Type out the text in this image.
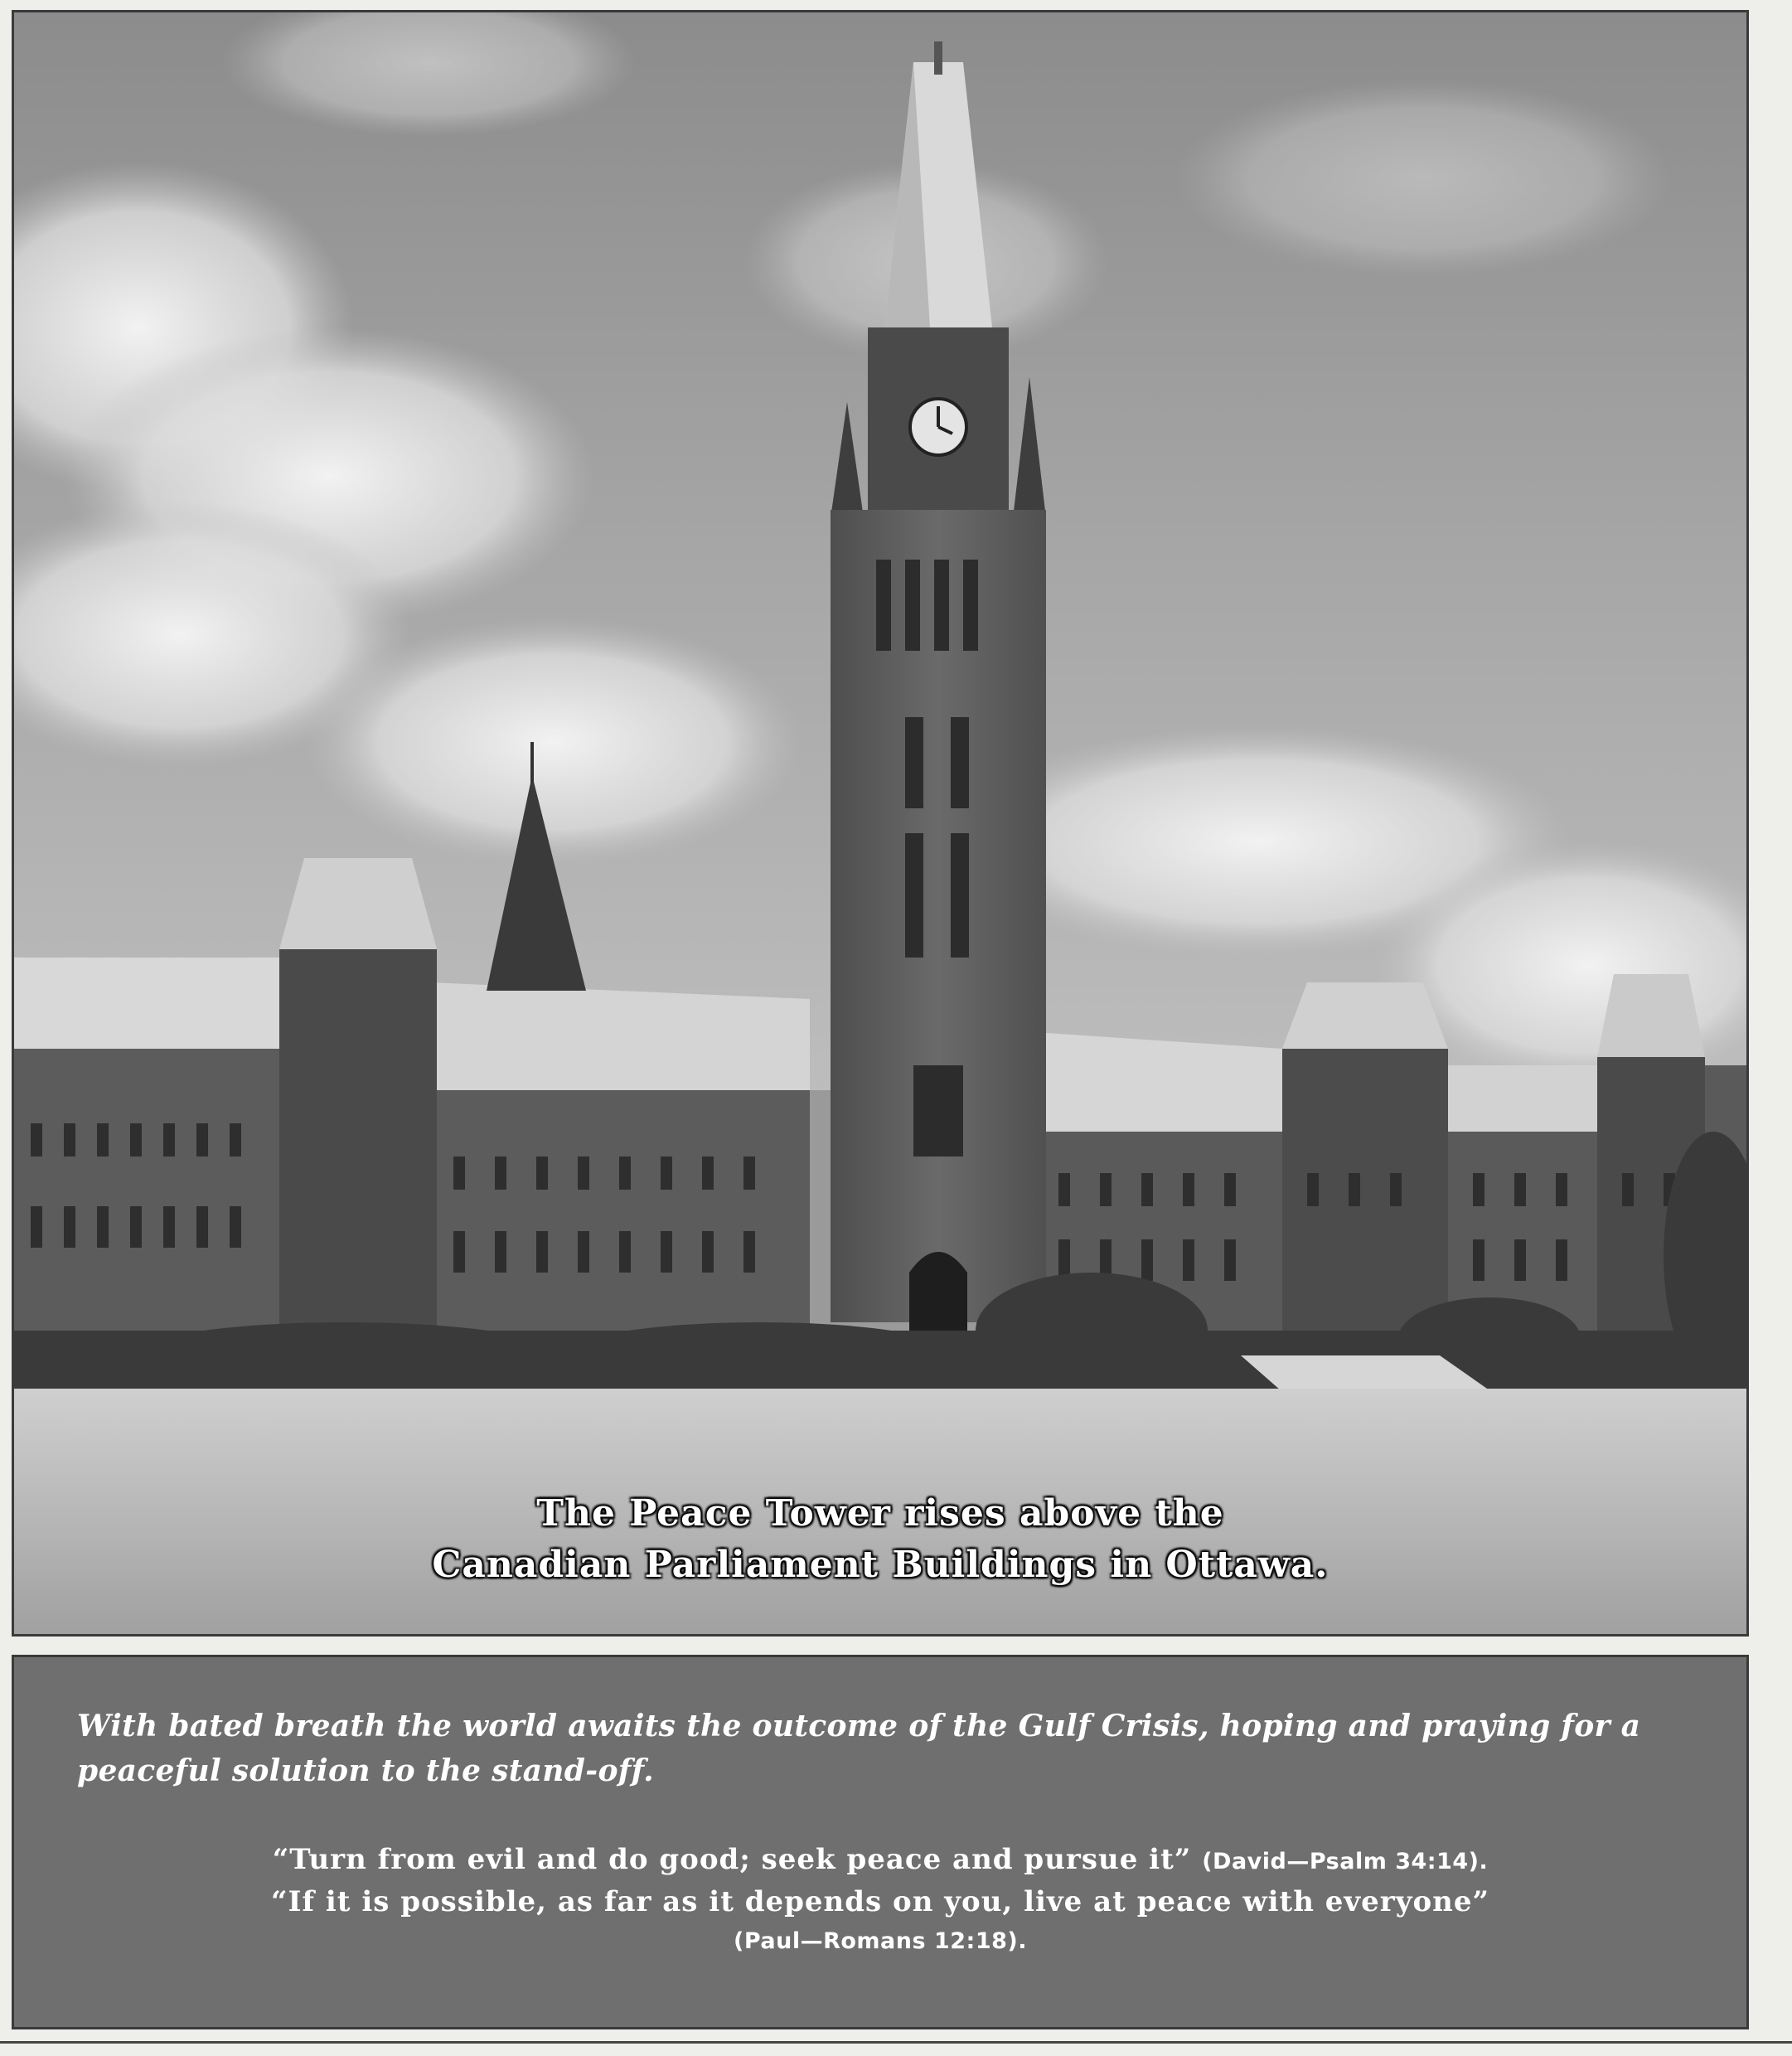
The Peace Tower rises above the
Canadian Parliament Buildings in Ottawa.
With bated breath the world awaits the outcome of the Gulf Crisis, hoping and praying for a peaceful solution to the stand-off.
“Turn from evil and do good; seek peace and pursue it” (David—Psalm 34:14).
“If it is possible, as far as it depends on you, live at peace with everyone”
(Paul—Romans 12:18).
